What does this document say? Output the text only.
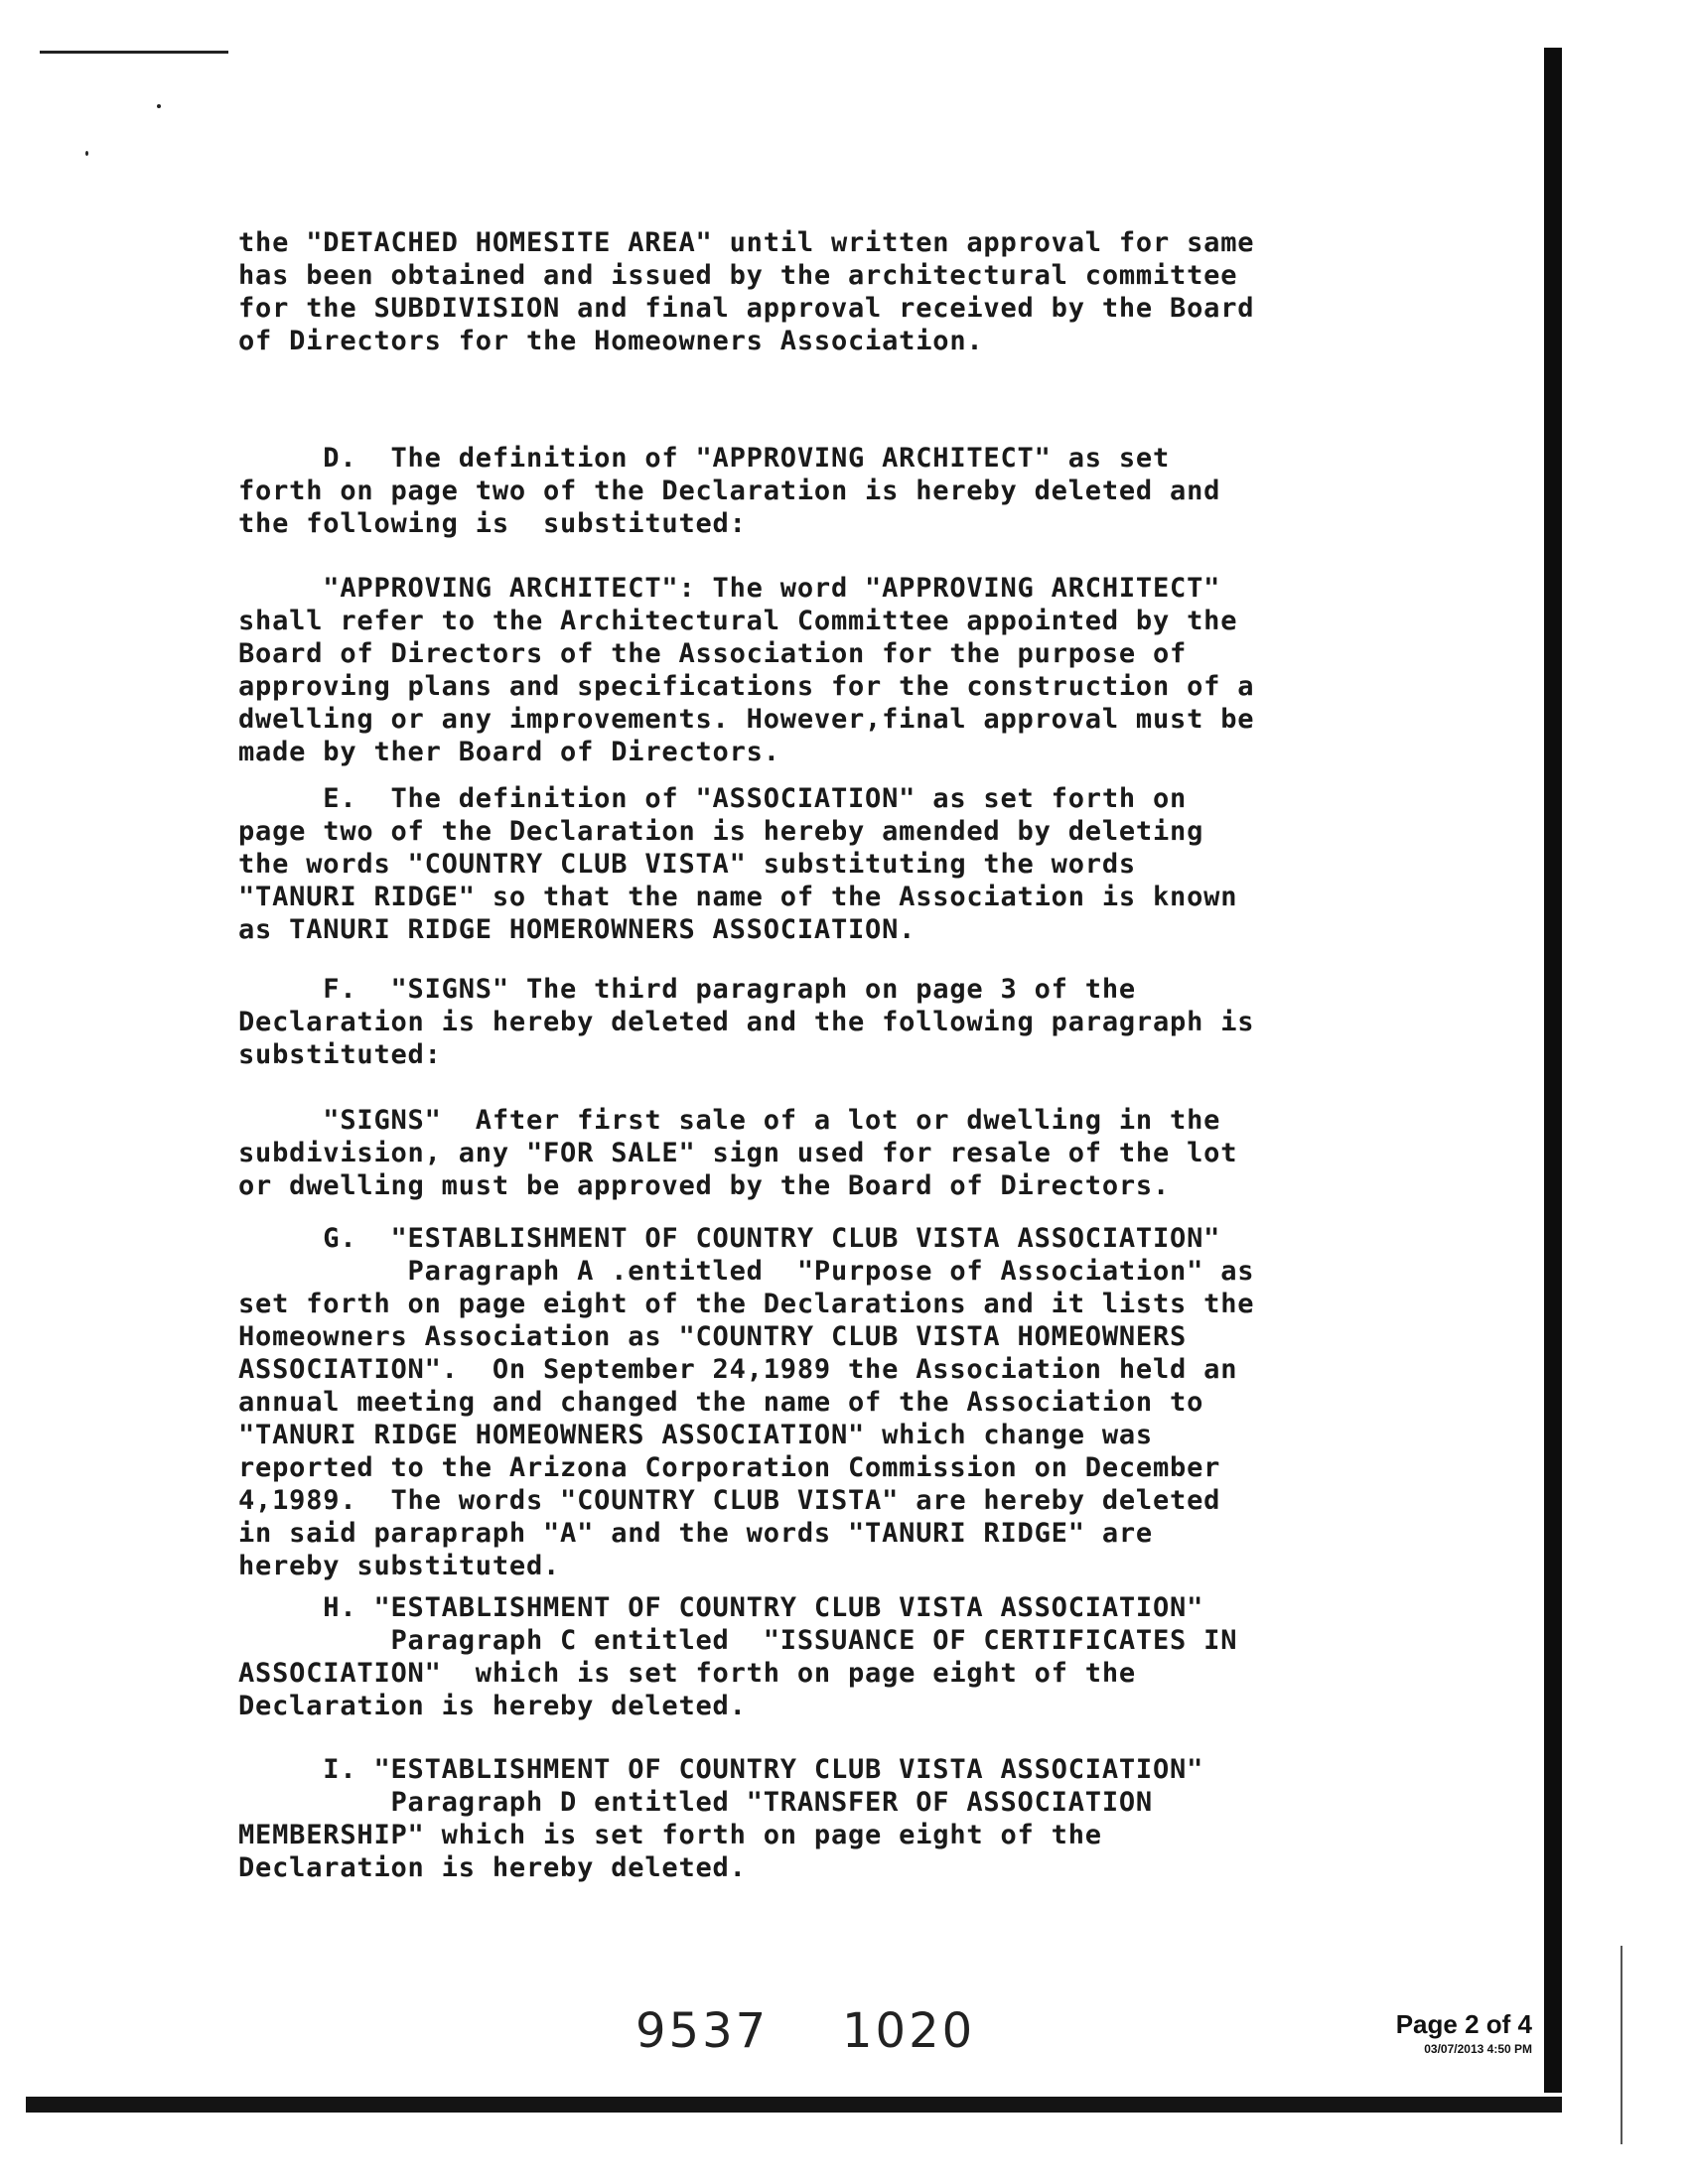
the "DETACHED HOMESITE AREA" until written approval for same
has been obtained and issued by the architectural committee
for the SUBDIVISION and final approval received by the Board
of Directors for the Homeowners Association.

D.  The definition of "APPROVING ARCHITECT" as set
forth on page two of the Declaration is hereby deleted and
the following is  substituted:

"APPROVING ARCHITECT": The word "APPROVING ARCHITECT"
shall refer to the Architectural Committee appointed by the
Board of Directors of the Association for the purpose of
approving plans and specifications for the construction of a
dwelling or any improvements. However,final approval must be
made by ther Board of Directors.

E.  The definition of "ASSOCIATION" as set forth on
page two of the Declaration is hereby amended by deleting
the words "COUNTRY CLUB VISTA" substituting the words
"TANURI RIDGE" so that the name of the Association is known
as TANURI RIDGE HOMEROWNERS ASSOCIATION.

F.  "SIGNS" The third paragraph on page 3 of the
Declaration is hereby deleted and the following paragraph is
substituted:

"SIGNS"  After first sale of a lot or dwelling in the
subdivision, any "FOR SALE" sign used for resale of the lot
or dwelling must be approved by the Board of Directors.

G.  "ESTABLISHMENT OF COUNTRY CLUB VISTA ASSOCIATION"
Paragraph A .entitled  "Purpose of Association" as
set forth on page eight of the Declarations and it lists the
Homeowners Association as "COUNTRY CLUB VISTA HOMEOWNERS
ASSOCIATION".  On September 24,1989 the Association held an
annual meeting and changed the name of the Association to
"TANURI RIDGE HOMEOWNERS ASSOCIATION" which change was
reported to the Arizona Corporation Commission on December
4,1989.  The words "COUNTRY CLUB VISTA" are hereby deleted
in said parapraph "A" and the words "TANURI RIDGE" are
hereby substituted.

H. "ESTABLISHMENT OF COUNTRY CLUB VISTA ASSOCIATION"
Paragraph C entitled  "ISSUANCE OF CERTIFICATES IN
ASSOCIATION"  which is set forth on page eight of the
Declaration is hereby deleted.

I. "ESTABLISHMENT OF COUNTRY CLUB VISTA ASSOCIATION"
Paragraph D entitled "TRANSFER OF ASSOCIATION
MEMBERSHIP" which is set forth on page eight of the
Declaration is hereby deleted.

9537 1020	Page 2 of 4
03/07/2013 4:50 PM
